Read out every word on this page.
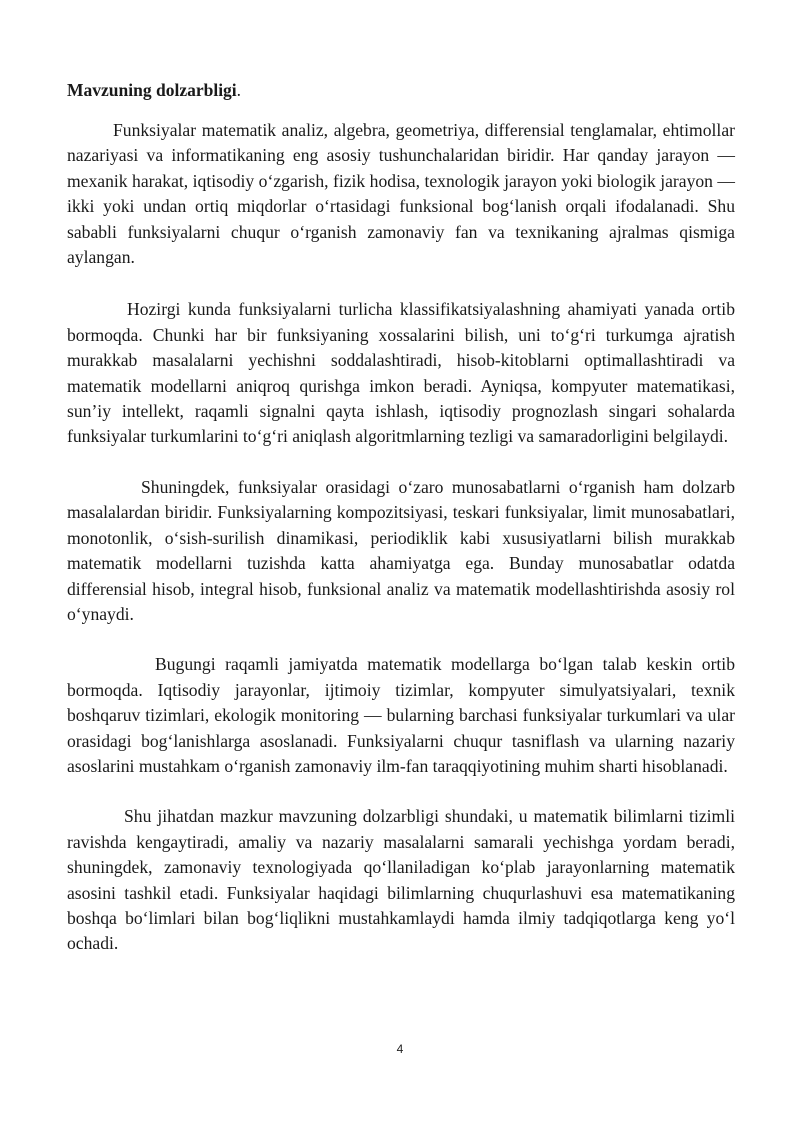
Mavzuning dolzarbligi.

Funksiyalar matematik analiz, algebra, geometriya, differensial tenglamalar, ehtimollar nazariyasi va informatikaning eng asosiy tushunchalaridan biridir. Har qanday jarayon — mexanik harakat, iqtisodiy o‘zgarish, fizik hodisa, texnologik jarayon yoki biologik jarayon — ikki yoki undan ortiq miqdorlar o‘rtasidagi funksional bog‘lanish orqali ifodalanadi. Shu sababli funksiyalarni chuqur o‘rganish zamonaviy fan va texnikaning ajralmas qismiga aylangan.

Hozirgi kunda funksiyalarni turlicha klassifikatsiyalashning ahamiyati yanada ortib bormoqda. Chunki har bir funksiyaning xossalarini bilish, uni to‘g‘ri turkumga ajratish murakkab masalalarni yechishni soddalashtiradi, hisob-kitoblarni optimallashtiradi va matematik modellarni aniqroq qurishga imkon beradi. Ayniqsa, kompyuter matematikasi, sun’iy intellekt, raqamli signalni qayta ishlash, iqtisodiy prognozlash singari sohalarda funksiyalar turkumlarini to‘g‘ri aniqlash algoritmlarning tezligi va samaradorligini belgilaydi.

Shuningdek, funksiyalar orasidagi o‘zaro munosabatlarni o‘rganish ham dolzarb masalalardan biridir. Funksiyalarning kompozitsiyasi, teskari funksiyalar, limit munosabatlari, monotonlik, o‘sish-surilish dinamikasi, periodiklik kabi xususiyatlarni bilish murakkab matematik modellarni tuzishda katta ahamiyatga ega. Bunday munosabatlar odatda differensial hisob, integral hisob, funksional analiz va matematik modellashtirishda asosiy rol o‘ynaydi.

Bugungi raqamli jamiyatda matematik modellarga bo‘lgan talab keskin ortib bormoqda. Iqtisodiy jarayonlar, ijtimoiy tizimlar, kompyuter simulyatsiyalari, texnik boshqaruv tizimlari, ekologik monitoring — bularning barchasi funksiyalar turkumlari va ular orasidagi bog‘lanishlarga asoslanadi. Funksiyalarni chuqur tasniflash va ularning nazariy asoslarini mustahkam o‘rganish zamonaviy ilm-fan taraqqiyotining muhim sharti hisoblanadi.

Shu jihatdan mazkur mavzuning dolzarbligi shundaki, u matematik bilimlarni tizimli ravishda kengaytiradi, amaliy va nazariy masalalarni samarali yechishga yordam beradi, shuningdek, zamonaviy texnologiyada qo‘llaniladigan ko‘plab jarayonlarning matematik asosini tashkil etadi. Funksiyalar haqidagi bilimlarning chuqurlashuvi esa matematikaning boshqa bo‘limlari bilan bog‘liqlikni mustahkamlaydi hamda ilmiy tadqiqotlarga keng yo‘l ochadi.

4
